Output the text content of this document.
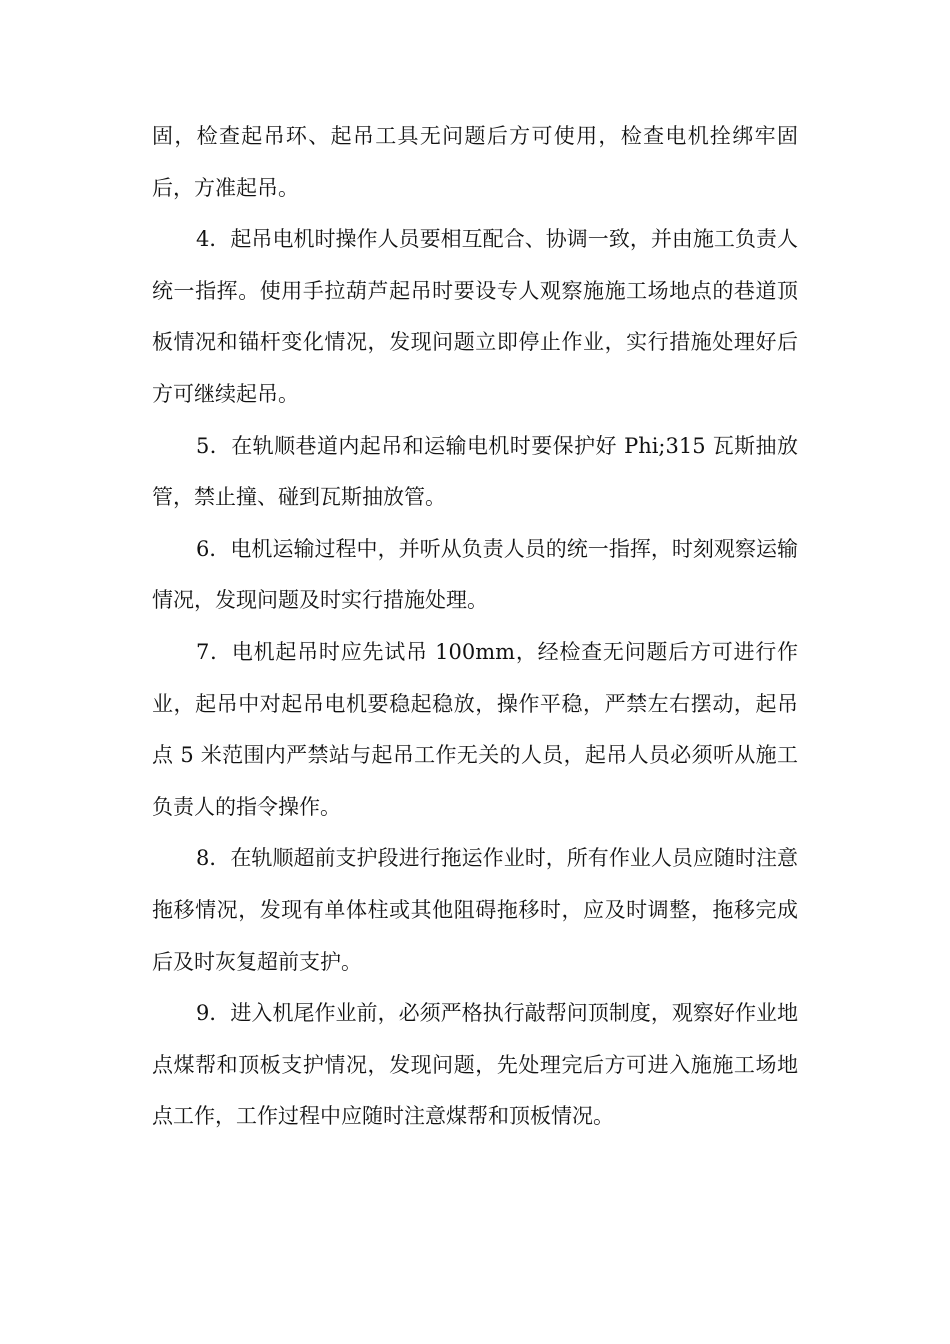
固，检查起吊环、起吊工具无问题后方可使用，检查电机拴绑牢固后，方准起吊。

4．起吊电机时操作人员要相互配合、协调一致，并由施工负责人统一指挥。使用手拉葫芦起吊时要设专人观察施施工场地点的巷道顶板情况和锚杆变化情况，发现问题立即停止作业，实行措施处理好后方可继续起吊。

5．在轨顺巷道内起吊和运输电机时要保护好 Phi;315 瓦斯抽放管，禁止撞、碰到瓦斯抽放管。

6．电机运输过程中，并听从负责人员的统一指挥，时刻观察运输情况，发现问题及时实行措施处理。

7．电机起吊时应先试吊 100mm，经检查无问题后方可进行作业，起吊中对起吊电机要稳起稳放，操作平稳，严禁左右摆动，起吊点 5 米范围内严禁站与起吊工作无关的人员，起吊人员必须听从施工负责人的指令操作。

8．在轨顺超前支护段进行拖运作业时，所有作业人员应随时注意拖移情况，发现有单体柱或其他阻碍拖移时，应及时调整，拖移完成后及时灰复超前支护。

9．进入机尾作业前，必须严格执行敲帮问顶制度，观察好作业地点煤帮和顶板支护情况，发现问题，先处理完后方可进入施施工场地点工作，工作过程中应随时注意煤帮和顶板情况。
